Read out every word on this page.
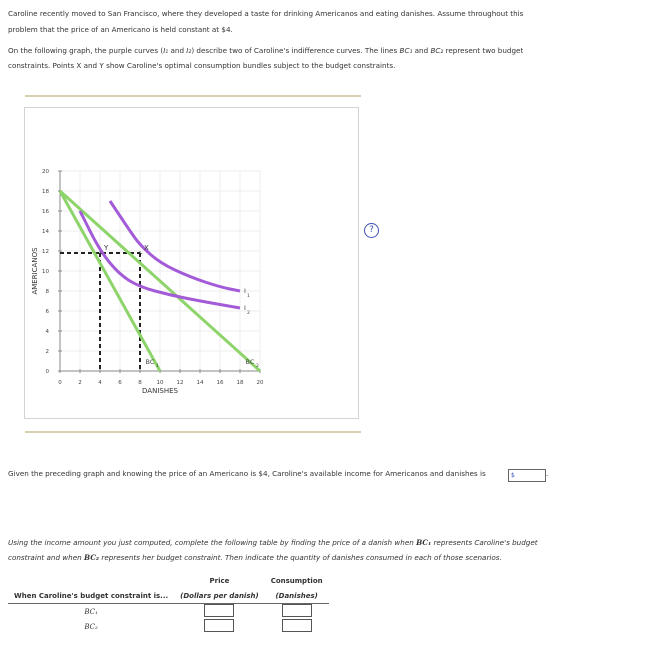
Caroline recently moved to San Francisco, where they developed a taste for drinking Americanos and eating danishes. Assume throughout this

problem that the price of an Americano is held constant at $4.

On the following graph, the purple curves (I₁ and I₂) describe two of Caroline's indifference curves. The lines BC₁ and BC₂ represent two budget

constraints. Points X and Y show Caroline's optimal consumption bundles subject to the budget constraints.

?
0	2	4	6	8	10 12 14 16 18 20
0
2
4
6
8
10
12
14
16
18
20
DANISHES
AMERICANOS
BC
1
BC
2
I
1
I
2
Y
+
X
+

Given the preceding graph and knowing the price of an Americano is $4, Caroline's available income for Americanos and danishes is	$	.

Using the income amount you just computed, complete the following table by finding the price of a danish when BC₁ represents Caroline's budget

constraint and when BC₂ represents her budget constraint. Then indicate the quantity of danishes consumed in each of those scenarios.

	Price	Consumption
When Caroline's budget constraint is...	(Dollars per danish)	(Danishes)
BC₁		
BC₂		
